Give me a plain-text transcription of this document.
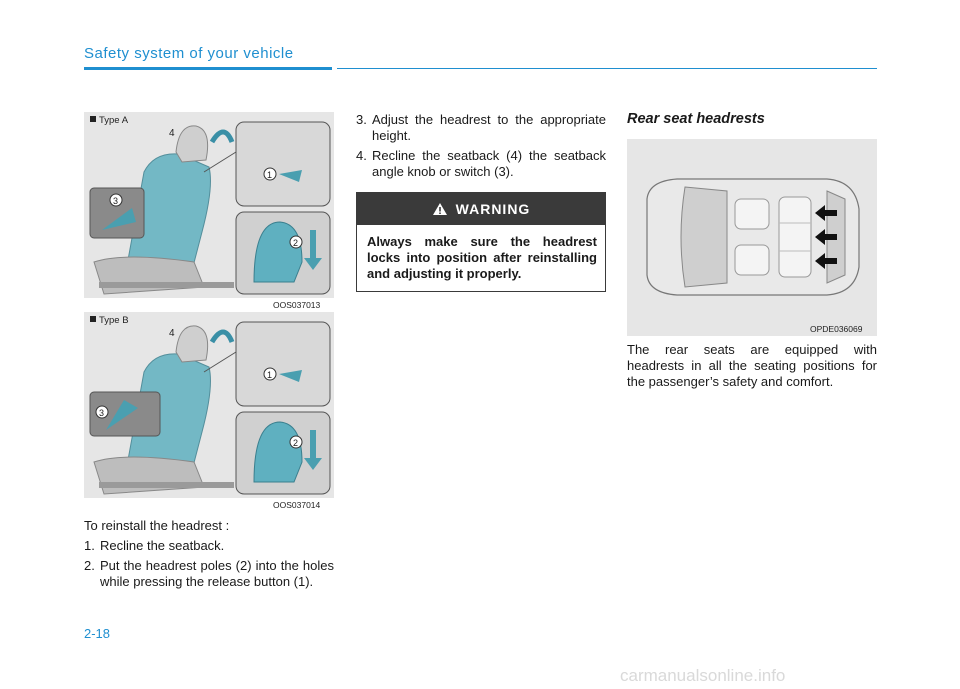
Safety system of your vehicle
Type A
4
3
1
2
OOS037013
Type B
4
3
1
2
OOS037014
To reinstall the headrest :
1. Recline the seatback.
2. Put the headrest poles (2) into the holes while pressing the release button (1).
3. Adjust the headrest to the appropriate height.
4. Recline the seatback (4) the seatback angle knob or switch (3).
WARNING
Always make sure the headrest locks into position after reinstalling and adjusting it properly.
Rear seat headrests
OPDE036069
The rear seats are equipped with headrests in all the seating positions for the passenger’s safety and comfort.
2-18
carmanualsonline.info
